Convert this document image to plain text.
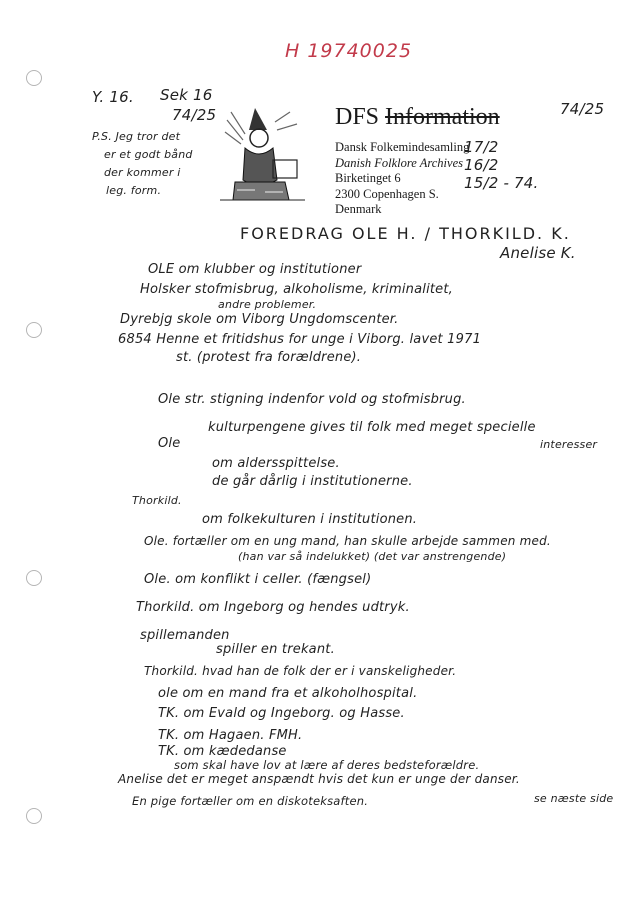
H 19740025
Y. 16. Sek 16
74/25	74/25
P.S. Jeg tror det
er et godt bånd
der kommer i
leg. form.
DFS Information
Dansk Folkemindesamling
Danish Folklore Archives
Birketinget 6
2300 Copenhagen S.
Denmark
17/2
16/2
15/2 - 74.
FOREDRAG OLE H. / THORKILD. K.
Anelise K.
OLE om klubber og institutioner
Holsker stofmisbrug, alkoholisme, kriminalitet,
andre problemer.
Dyrebjg skole om Viborg Ungdomscenter.
6854 Henne et fritidshus for unge i Viborg. lavet 1971
st. (protest fra forældrene).
Ole str. stigning indenfor vold og stofmisbrug.
kulturpengene gives til folk med meget specielle
interesser
Ole
om aldersspittelse.
de går dårlig i institutionerne.
Thorkild.
om folkekulturen i institutionen.
Ole. fortæller om en ung mand, han skulle arbejde sammen med.
(han var så indelukket) (det var anstrengende)
Ole. om konflikt i celler. (fængsel)
Thorkild. om Ingeborg og hendes udtryk.
spillemanden
spiller en trekant.
Thorkild. hvad han de folk der er i vanskeligheder.
ole om en mand fra et alkoholhospital.
TK. om Evald og Ingeborg. og Hasse.
TK. om Hagaen. FMH.
TK. om kædedanse
som skal have lov at lære af deres bedsteforældre.
Anelise det er meget anspændt hvis det kun er unge der danser.
En pige fortæller om en diskoteksaften.	se næste side
